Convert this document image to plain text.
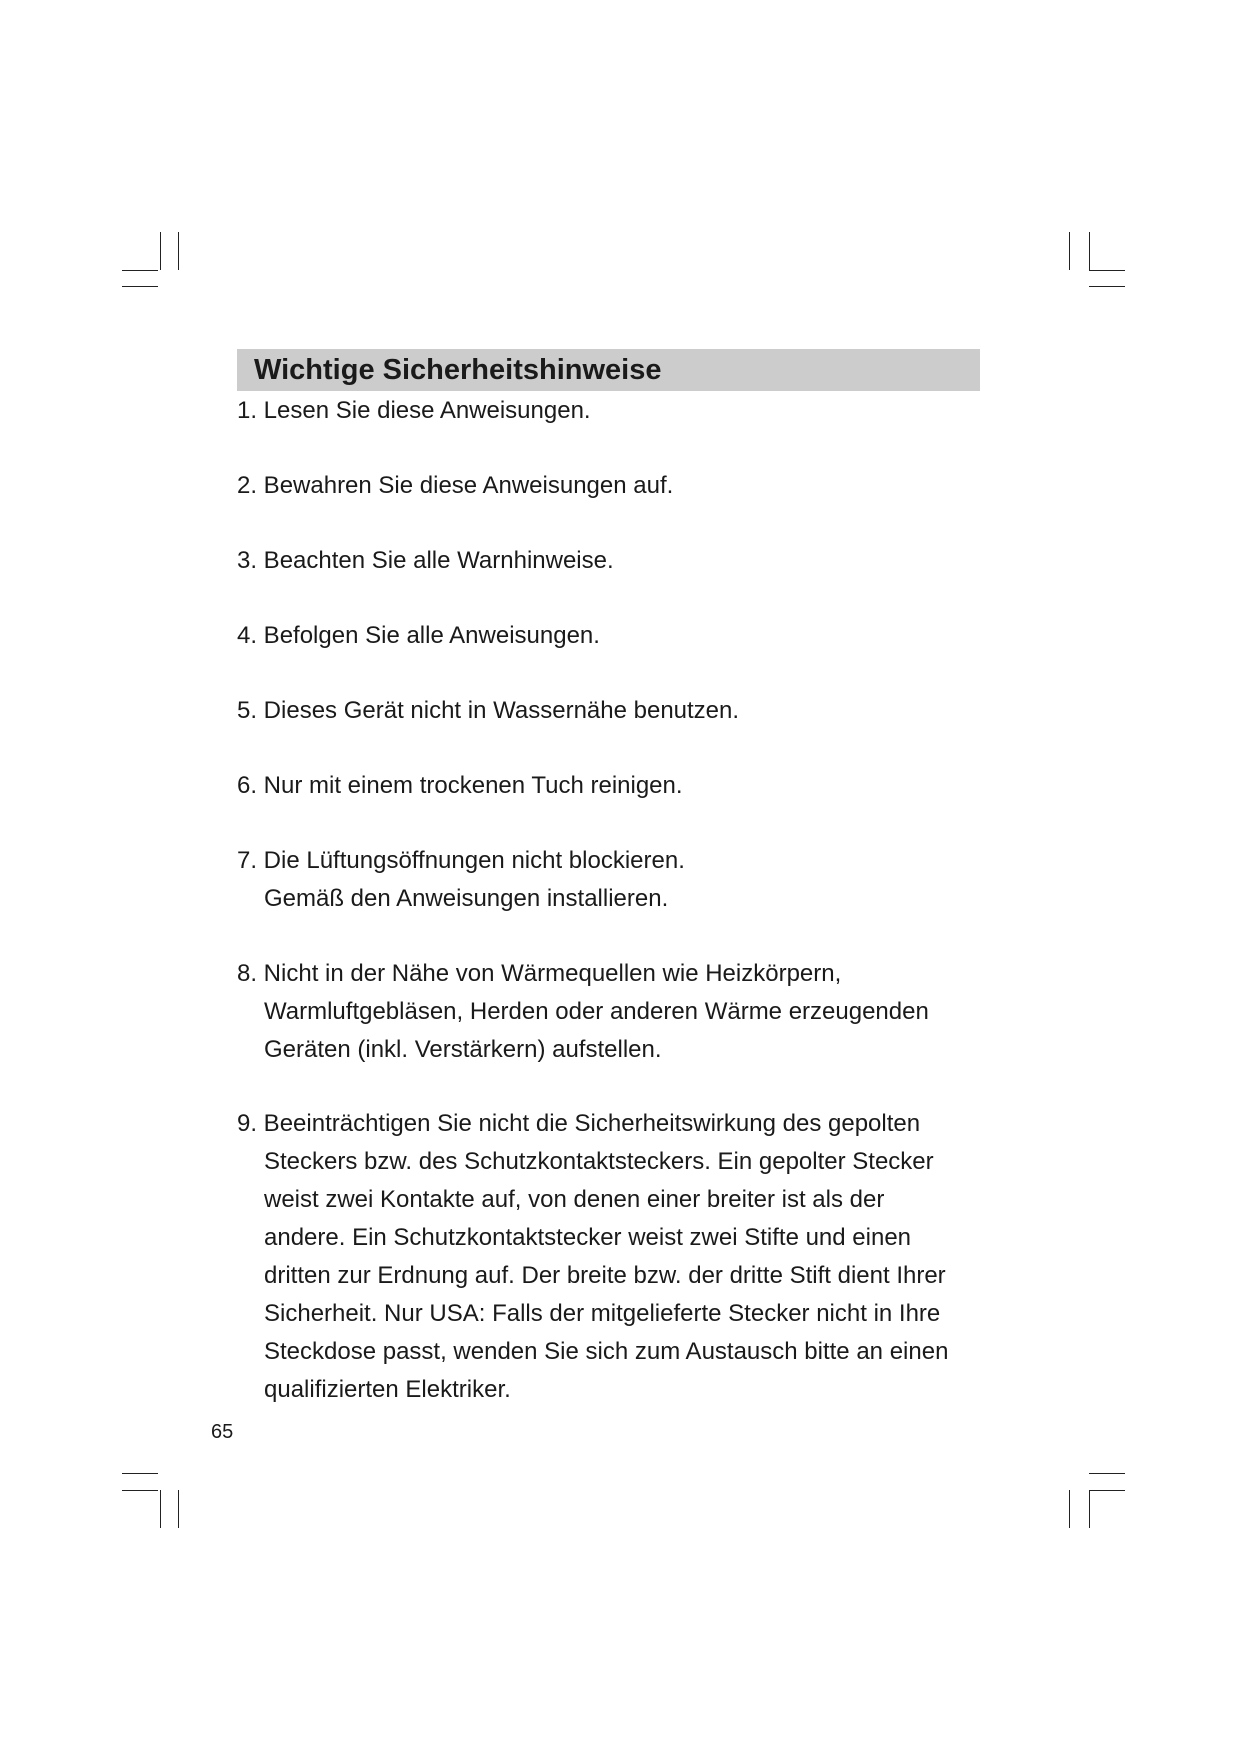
Wichtige Sicherheitshinweise
1. Lesen Sie diese Anweisungen.
2. Bewahren Sie diese Anweisungen auf.
3. Beachten Sie alle Warnhinweise.
4. Befolgen Sie alle Anweisungen.
5. Dieses Gerät nicht in Wassernähe benutzen.
6. Nur mit einem trockenen Tuch reinigen.
7. Die Lüftungsöffnungen nicht blockieren.
Gemäß den Anweisungen installieren.
8. Nicht in der Nähe von Wärmequellen wie Heizkörpern,
Warmluftgebläsen, Herden oder anderen Wärme erzeugenden
Geräten (inkl. Verstärkern) aufstellen.
9. Beeinträchtigen Sie nicht die Sicherheitswirkung des gepolten
Steckers bzw. des Schutzkontaktsteckers. Ein gepolter Stecker
weist zwei Kontakte auf, von denen einer breiter ist als der
andere. Ein Schutzkontaktstecker weist zwei Stifte und einen
dritten zur Erdnung auf. Der breite bzw. der dritte Stift dient Ihrer
Sicherheit. Nur USA: Falls der mitgelieferte Stecker nicht in Ihre
Steckdose passt, wenden Sie sich zum Austausch bitte an einen
qualifizierten Elektriker.
65
